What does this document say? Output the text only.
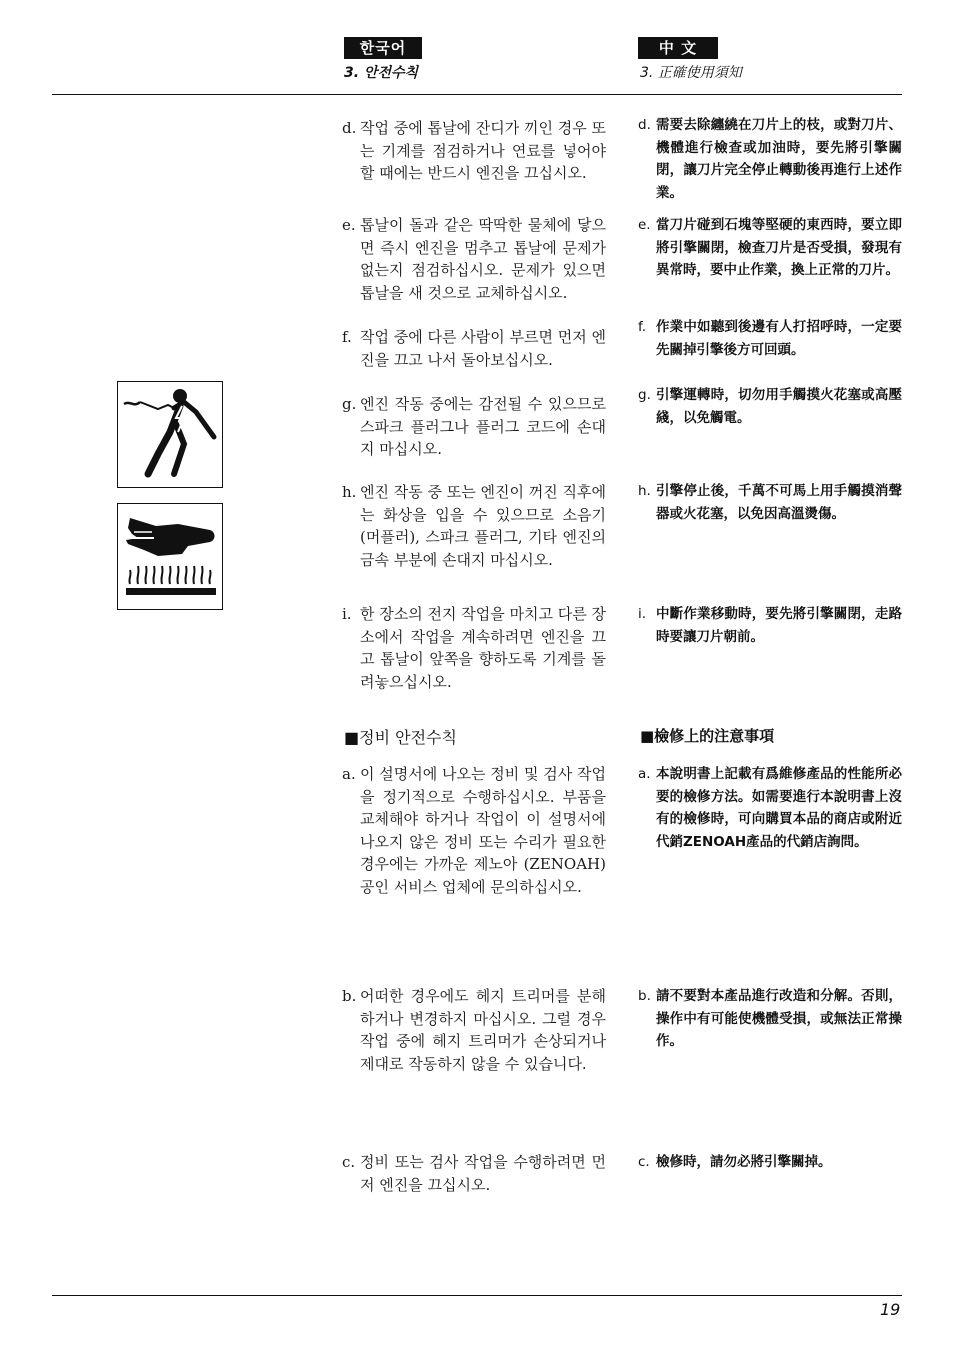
한국어
3. 안전수칙
中 文
3. 正確使用須知
d. 작업 중에 톱날에 잔디가 끼인 경우 또는 기계를 점검하거나 연료를 넣어야 할 때에는 반드시 엔진을 끄십시오.
e. 톱날이 돌과 같은 딱딱한 물체에 닿으면 즉시 엔진을 멈추고 톱날에 문제가 없는지 점검하십시오. 문제가 있으면 톱날을 새 것으로 교체하십시오.
f. 작업 중에 다른 사람이 부르면 먼저 엔진을 끄고 나서 돌아보십시오.
g. 엔진 작동 중에는 감전될 수 있으므로 스파크 플러그나 플러그 코드에 손대지 마십시오.
h. 엔진 작동 중 또는 엔진이 꺼진 직후에는 화상을 입을 수 있으므로 소음기(머플러), 스파크 플러그, 기타 엔진의 금속 부분에 손대지 마십시오.
i. 한 장소의 전지 작업을 마치고 다른 장소에서 작업을 계속하려면 엔진을 끄고 톱날이 앞쪽을 향하도록 기계를 돌려놓으십시오.
■정비 안전수칙
a. 이 설명서에 나오는 정비 및 검사 작업을 정기적으로 수행하십시오. 부품을 교체해야 하거나 작업이 이 설명서에 나오지 않은 정비 또는 수리가 필요한 경우에는 가까운 제노아 (ZENOAH) 공인 서비스 업체에 문의하십시오.
b. 어떠한 경우에도 헤지 트리머를 분해하거나 변경하지 마십시오. 그럴 경우 작업 중에 헤지 트리머가 손상되거나 제대로 작동하지 않을 수 있습니다.
c. 정비 또는 검사 작업을 수행하려면 먼저 엔진을 끄십시오.
d. 需要去除纏繞在刀片上的枝，或對刀片、機體進行檢查或加油時，要先將引擎關閉，讓刀片完全停止轉動後再進行上述作業。
e. 當刀片碰到石塊等堅硬的東西時，要立即將引擎關閉，檢查刀片是否受損，發現有異常時，要中止作業，換上正常的刀片。
f. 作業中如聽到後邊有人打招呼時，一定要先關掉引擎後方可回頭。
g. 引擎運轉時，切勿用手觸摸火花塞或高壓綫，以免觸電。
h. 引擎停止後，千萬不可馬上用手觸摸消聲器或火花塞，以免因高溫燙傷。
i. 中斷作業移動時，要先將引擎關閉，走路時要讓刀片朝前。
■檢修上的注意事項
a. 本說明書上記載有爲維修產品的性能所必要的檢修方法。如需要進行本說明書上沒有的檢修時，可向購買本品的商店或附近代銷ZENOAH產品的代銷店詢問。
b. 請不要對本產品進行改造和分解。否則，操作中有可能使機體受損，或無法正常操作。
c. 檢修時，請勿必將引擎關掉。
19
